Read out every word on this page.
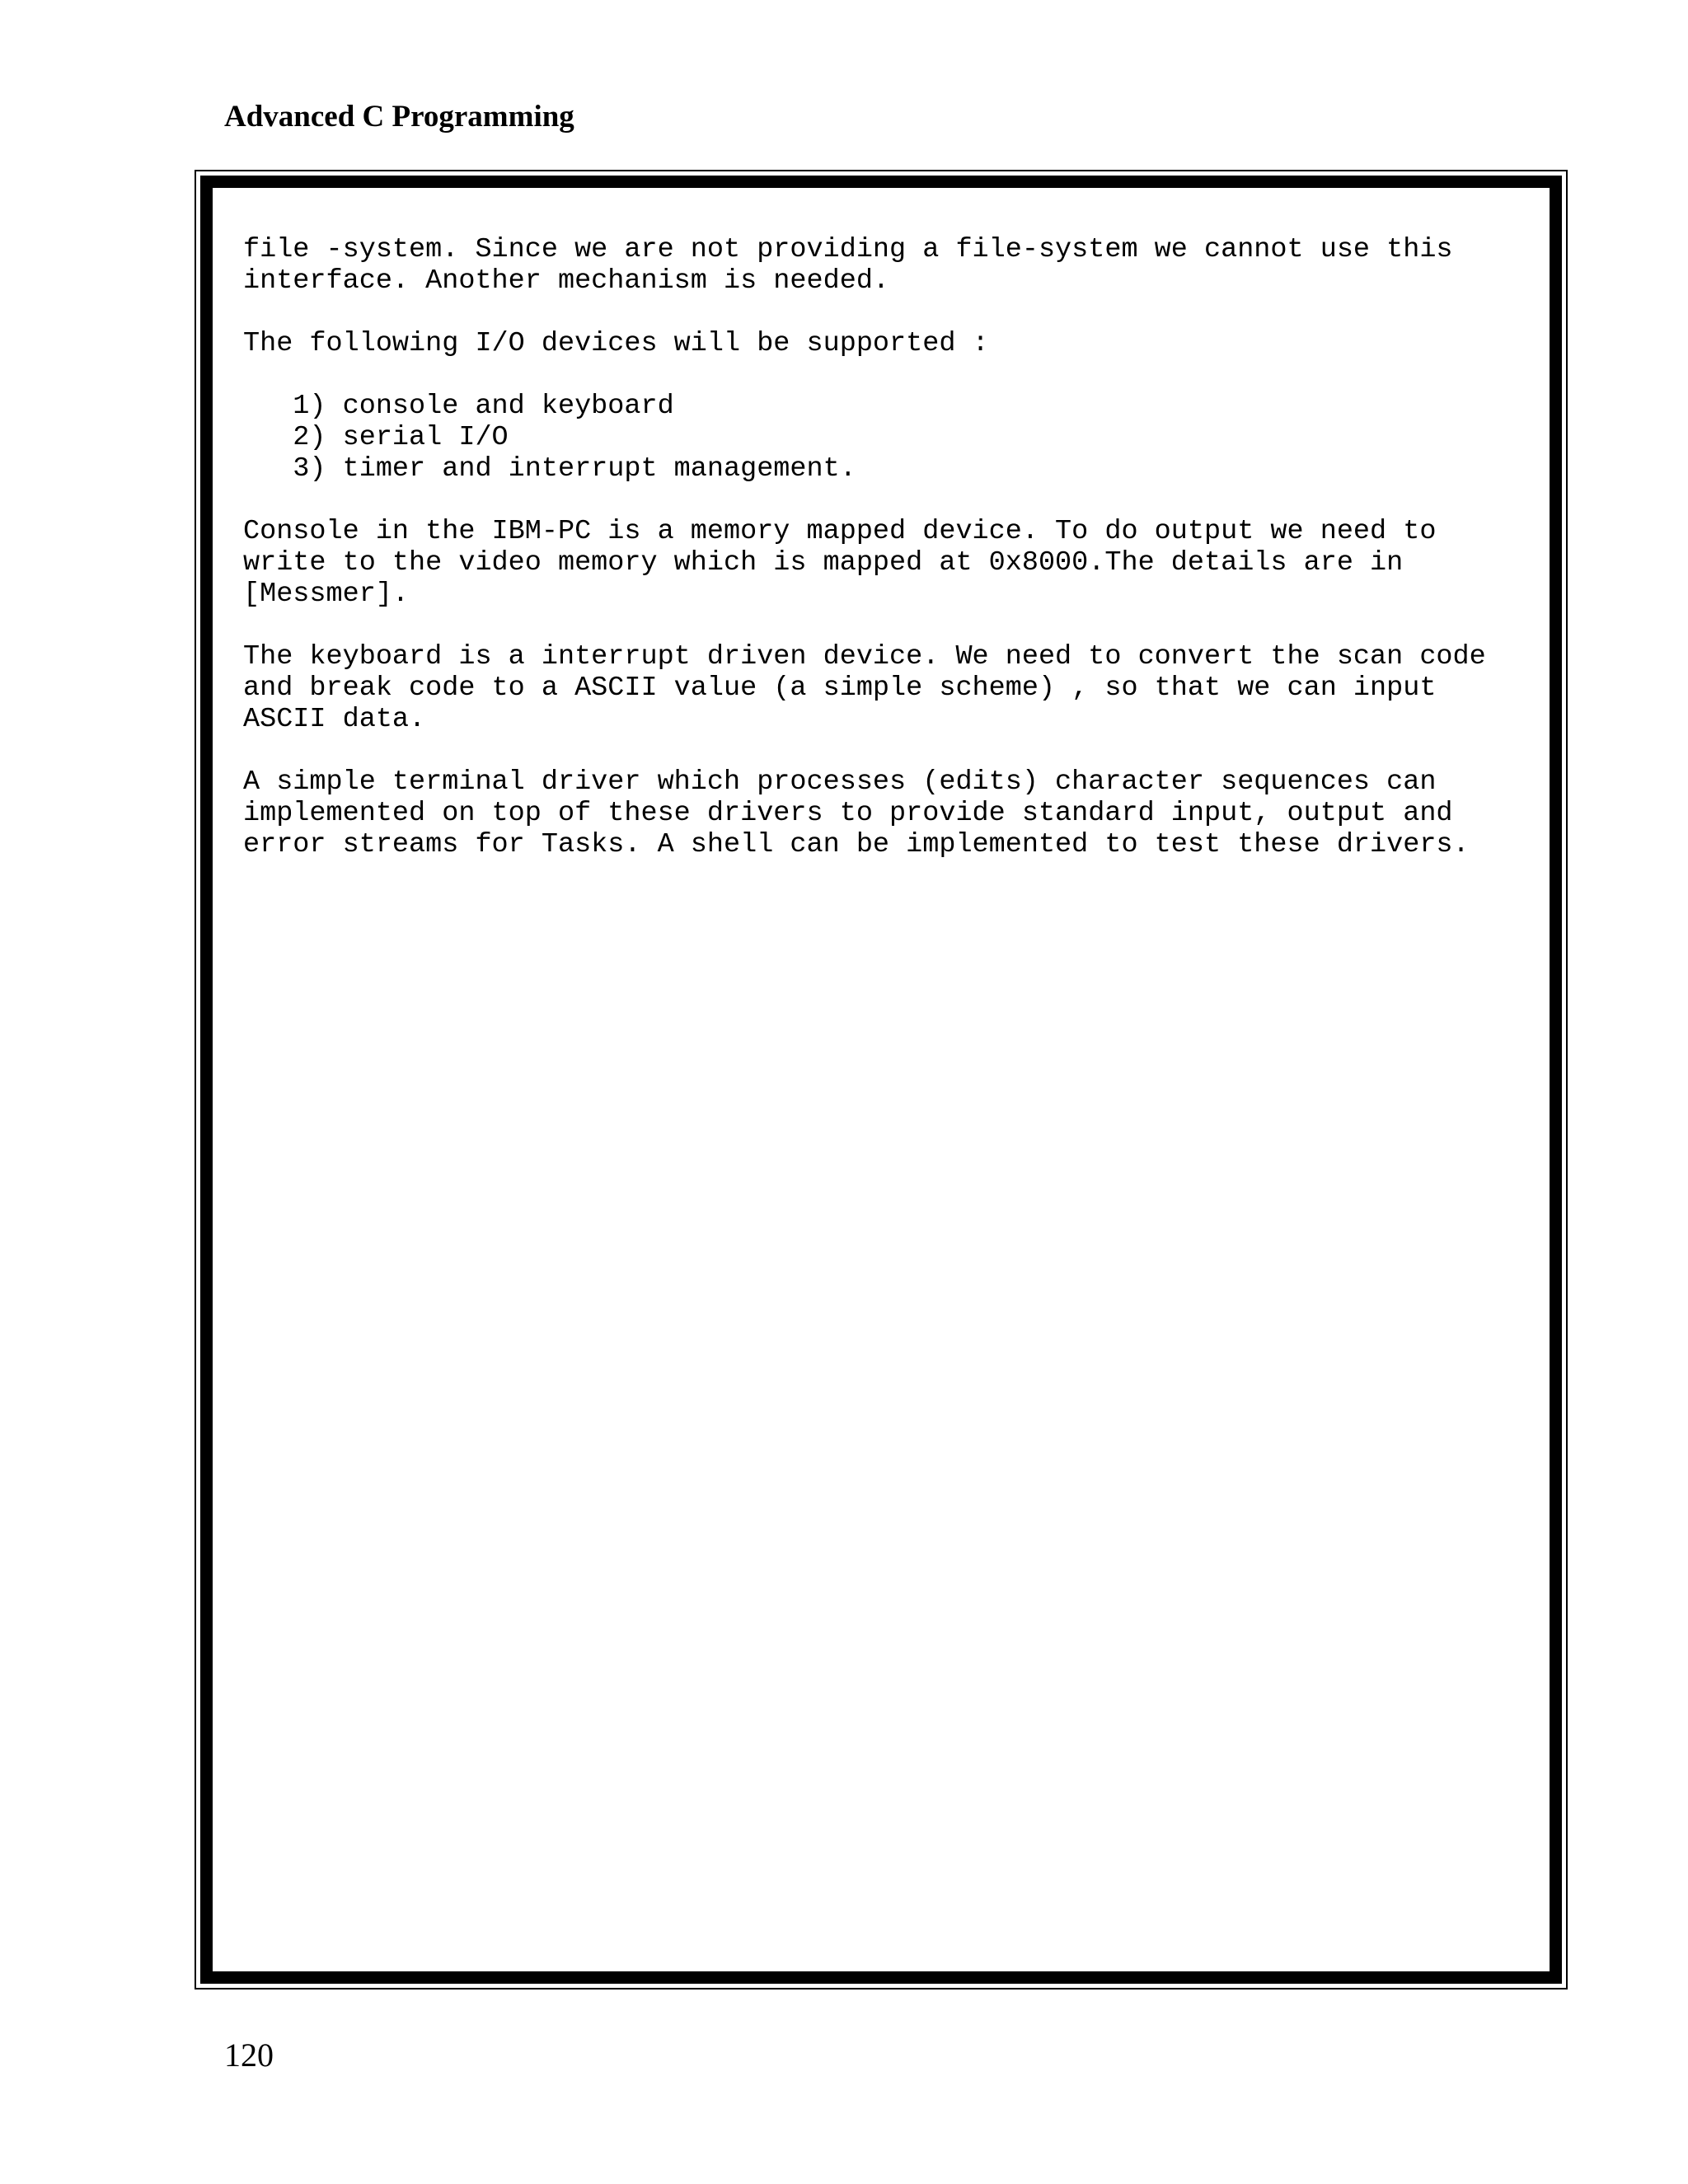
Advanced C Programming
file -system. Since we are not providing a file-system we cannot use this
interface. Another mechanism is needed.

The following I/O devices will be supported :

1) console and keyboard
2) serial I/O
3) timer and interrupt management.

Console in the IBM-PC is a memory mapped device. To do output we need to
write to the video memory which is mapped at 0x8000.The details are in
[Messmer].

The keyboard is a interrupt driven device. We need to convert the scan code
and break code to a ASCII value (a simple scheme) , so that we can input
ASCII data.

A simple terminal driver which processes (edits) character sequences can
implemented on top of these drivers to provide standard input, output and
error streams for Tasks. A shell can be implemented to test these drivers.
120
